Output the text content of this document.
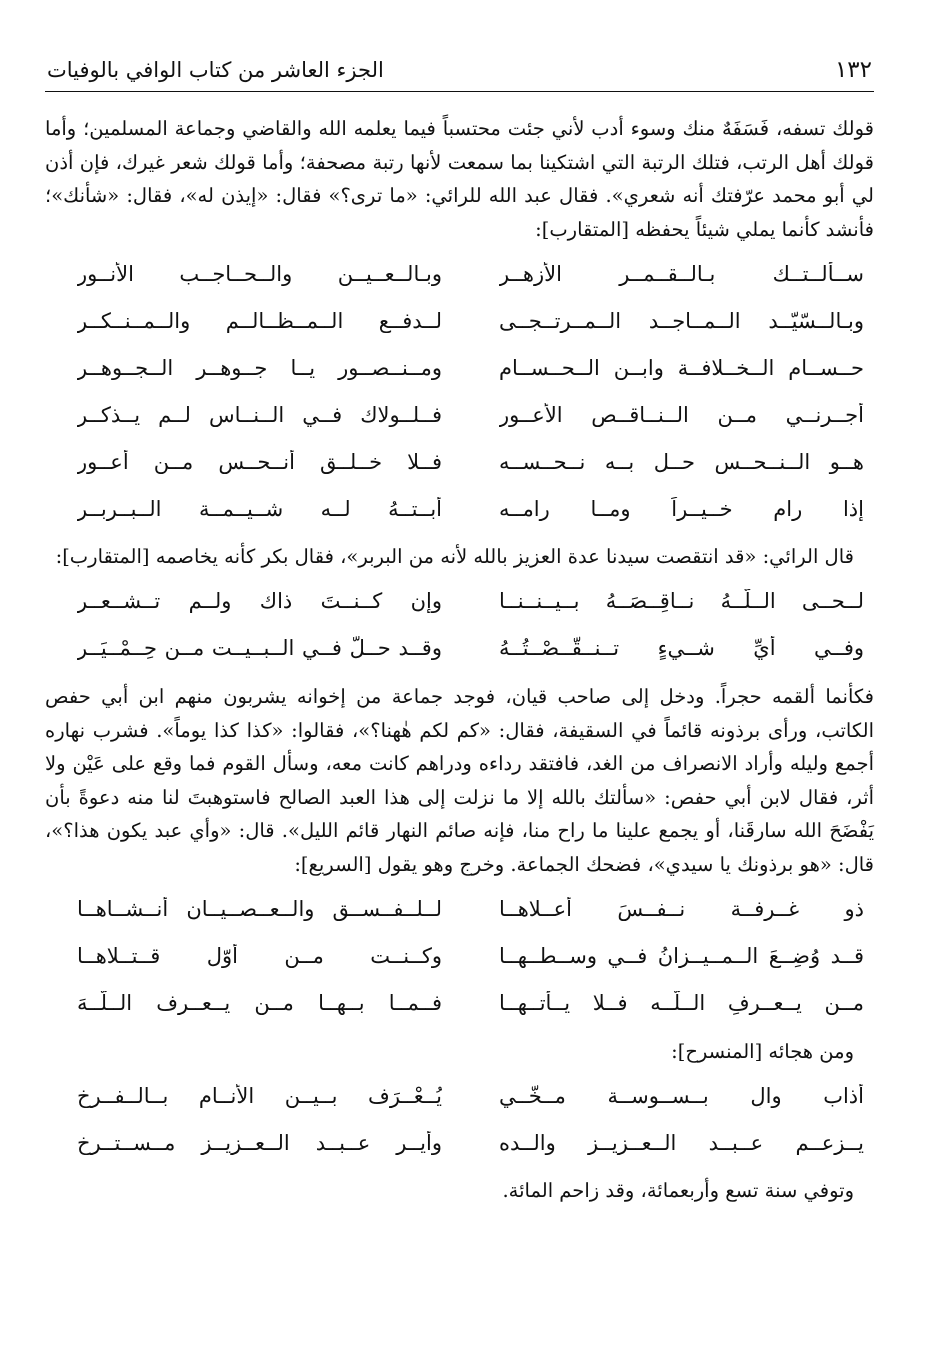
١٣٢
الجزء العاشر من كتاب الوافي بالوفيات

قولك تسفه، فَسَفَهٌ منك وسوء أدب لأني جئت محتسباً فيما يعلمه الله والقاضي وجماعة المسلمين؛ وأما قولك أهل الرتب، فتلك الرتبة التي اشتكينا بما سمعت لأنها رتبة مصحفة؛ وأما قولك شعر غيرك، فإن أذن لي أبو محمد عرّفتك أنه شعري». فقال عبد الله للرائي: «ما ترى؟» فقال: «إيذن له»، فقال: «شأنك»؛ فأنشد كأنما يملي شيئاً يحفظه [المتقارب]:

ســألــتــك بـالــقــمــر الأزهــرِ
وبـالــعــيــن والــحــاجــب الأنــورِ
وبـالــسّيّــد الــمــاجــد الــمــرتــجــى
لــدفــع الــمــظــالــم والــمــنــكــرِ
حــســام الــخــلافــة وابــن الــحــســام
ومــنــصــور يــا جــوهــر الــجــوهــر
أجــرنــي مــن الــنــاقــص الأعــور
فــلــولاك فــي الــنــاس لــم يــذكــر
هــو الــنــحــس حــل بــه نــحــســه
فــلا خــلــق أنــحــس مــن أعــور
إذا رام خــيــراً ومــا رامــه
أَبــتــهُ لــه شــيــمــة الــبــربــر

قال الرائي: «قد انتقصت سيدنا عدة العزيز بالله لأنه من البربر»، فقال بكر كأنه يخاصمه [المتقارب]:

لــحــى الــلّــهُ نــاقِــصَــهُ بــيــنــنــا
وإن كــنــتَ ذاك ولــم تــشــعــرِ
وفــي أيِّ شــيءٍ تــنــقّــصْــتُــهُ
وقــد حــلَّ فــي الــبــيــت مــن حِــمْــيَــرِ

فكأنما ألقمه حجراً. ودخل إلى صاحب قيان، فوجد جماعة من إخوانه يشربون منهم ابن أبي حفص الكاتب، ورأى برذونه قائماً في السقيفة، فقال: «كم لكم هٰهنا؟»، فقالوا: «كذا كذا يوماً». فشرب نهاره أجمع وليله وأراد الانصراف من الغد، فافتقد رداءه ودراهم كانت معه، وسأل القوم فما وقع على عَيْن ولا أثر، فقال لابن أبي حفص: «سألتك بالله إلا ما نزلت إلى هذا العبد الصالح فاستوهبتَ لنا منه دعوةً بأن يَفْضَحَ الله سارقَنا، أو يجمع علينا ما راح منا، فإنه صائم النهار قائم الليل». قال: «وأي عبد يكون هذا؟»، قال: «هو برذونك يا سيدي»، فضحك الجماعة. وخرج وهو يقول [السريع]:

ذو غــرفــة نــفــسَ أعــلاهــا
لــلــفــســق والــعــصــيــان أنــشــاهــا
قــد وُضِــعَ الــمــيــزانُ فــي وســطــهــا
وكــنــت مــن أوّل قــتــلاهــا
مــن يــعــرفِ الــلّــه فــلا يــأتــهــا
فــمــا بــهــا مــن يــعــرف الــلّــهَ

ومن هجائه [المنسرح]:

أذاب والٍ بــســوســة مــخّــي
يُــعْــرَف بــيــن الأنــام بــالــفــرخِ
يــزعــم عــبــد الــعــزيــز والــده
وأيــر عــبــد الــعــزيــز مــســتــرخِ

وتوفي سنة تسع وأربعمائة، وقد زاحم المائة.
